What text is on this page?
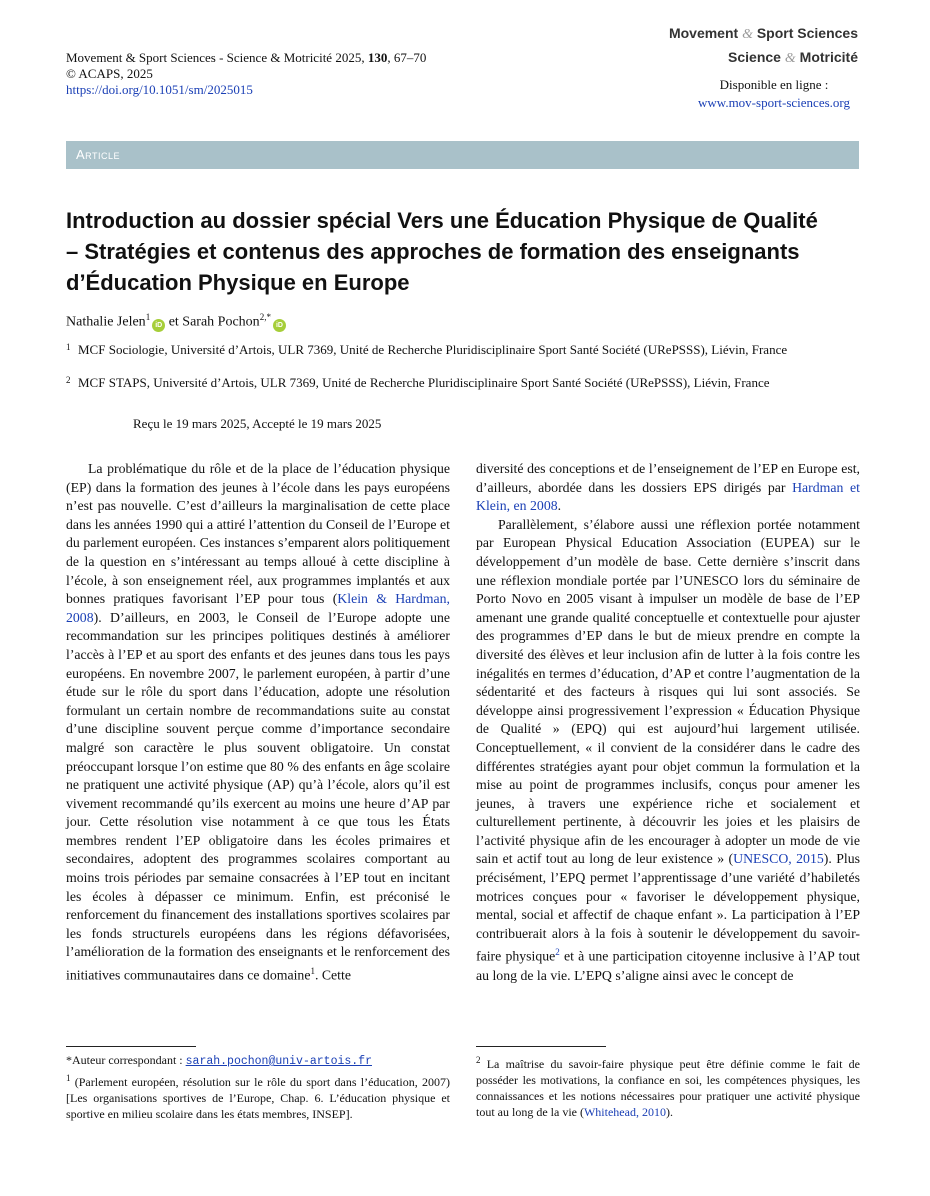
Movement & Sport Sciences - Science & Motricité 2025, 130, 67–70
© ACAPS, 2025
https://doi.org/10.1051/sm/2025015
Movement & Sport Sciences
Science & Motricité
Disponible en ligne :
www.mov-sport-sciences.org
Article
Introduction au dossier spécial Vers une Éducation Physique de Qualité – Stratégies et contenus des approches de formation des enseignants d’Éducation Physique en Europe
Nathalie Jelen$^1$iD et Sarah Pochon$^{2,*}$iD
1 MCF Sociologie, Université d’Artois, ULR 7369, Unité de Recherche Pluridisciplinaire Sport Santé Société (URePSSS), Liévin, France
2 MCF STAPS, Université d’Artois, ULR 7369, Unité de Recherche Pluridisciplinaire Sport Santé Société (URePSSS), Liévin, France
Reçu le 19 mars 2025, Accepté le 19 mars 2025

La problématique du rôle et de la place de l’éducation physique (EP) dans la formation des jeunes à l’école dans les pays européens n’est pas nouvelle. C’est d’ailleurs la marginalisation de cette place dans les années 1990 qui a attiré l’attention du Conseil de l’Europe et du parlement européen. Ces instances s’emparent alors politiquement de la question en s’intéressant au temps alloué à cette discipline à l’école, à son enseignement réel, aux programmes implantés et aux bonnes pratiques favorisant l’EP pour tous (Klein & Hardman, 2008). D’ailleurs, en 2003, le Conseil de l’Europe adopte une recommandation sur les principes politiques destinés à améliorer l’accès à l’EP et au sport des enfants et des jeunes dans tous les pays européens. En novembre 2007, le parlement européen, à partir d’une étude sur le rôle du sport dans l’éducation, adopte une résolution formulant un certain nombre de recommandations suite au constat d’une discipline souvent perçue comme d’importance secondaire malgré son caractère le plus souvent obligatoire. Un constat préoccupant lorsque l’on estime que 80 % des enfants en âge scolaire ne pratiquent une activité physique (AP) qu’à l’école, alors qu’il est vivement recommandé qu’ils exercent au moins une heure d’AP par jour. Cette résolution vise notamment à ce que tous les États membres rendent l’EP obligatoire dans les écoles primaires et secondaires, adoptent des programmes scolaires comportant au moins trois périodes par semaine consacrées à l’EP tout en incitant les écoles à dépasser ce minimum. Enfin, est préconisé le renforcement du financement des installations sportives scolaires par les fonds structurels européens dans les régions défavorisées, l’amélioration de la formation des enseignants et le renforcement des initiatives communautaires dans ce domaine$^1$. Cette

diversité des conceptions et de l’enseignement de l’EP en Europe est, d’ailleurs, abordée dans les dossiers EPS dirigés par Hardman et Klein, en 2008.

Parallèlement, s’élabore aussi une réflexion portée notamment par European Physical Education Association (EUPEA) sur le développement d’un modèle de base. Cette dernière s’inscrit dans une réflexion mondiale portée par l’UNESCO lors du séminaire de Porto Novo en 2005 visant à impulser un modèle de base de l’EP amenant une grande qualité conceptuelle et contextuelle pour ajuster des programmes d’EP dans le but de mieux prendre en compte la diversité des élèves et leur inclusion afin de lutter à la fois contre les inégalités en termes d’éducation, d’AP et contre l’augmentation de la sédentarité et des facteurs à risques qui lui sont associés. Se développe ainsi progressivement l’expression « Éducation Physique de Qualité » (EPQ) qui est aujourd’hui largement utilisée. Conceptuellement, « il convient de la considérer dans le cadre des différentes stratégies ayant pour objet commun la formulation et la mise au point de programmes inclusifs, conçus pour amener les jeunes, à travers une expérience riche et socialement et culturellement pertinente, à découvrir les joies et les plaisirs de l’activité physique afin de les encourager à adopter un mode de vie sain et actif tout au long de leur existence » (UNESCO, 2015). Plus précisément, l’EPQ permet l’apprentissage d’une variété d’habiletés motrices conçues pour « favoriser le développement physique, mental, social et affectif de chaque enfant ». La participation à l’EP contribuerait alors à la fois à soutenir le développement du savoir-faire physique$^2$ et à une participation citoyenne inclusive à l’AP tout au long de la vie. L’EPQ s’aligne ainsi avec le concept de

*Auteur correspondant : sarah.pochon@univ-artois.fr
$^1$ (Parlement européen, résolution sur le rôle du sport dans l’éducation, 2007) [Les organisations sportives de l’Europe, Chap. 6. L’éducation physique et sportive en milieu scolaire dans les états membres, INSEP].
$^2$ La maîtrise du savoir-faire physique peut être définie comme le fait de posséder les motivations, la confiance en soi, les compétences physiques, les connaissances et les notions nécessaires pour pratiquer une activité physique tout au long de la vie (Whitehead, 2010).
